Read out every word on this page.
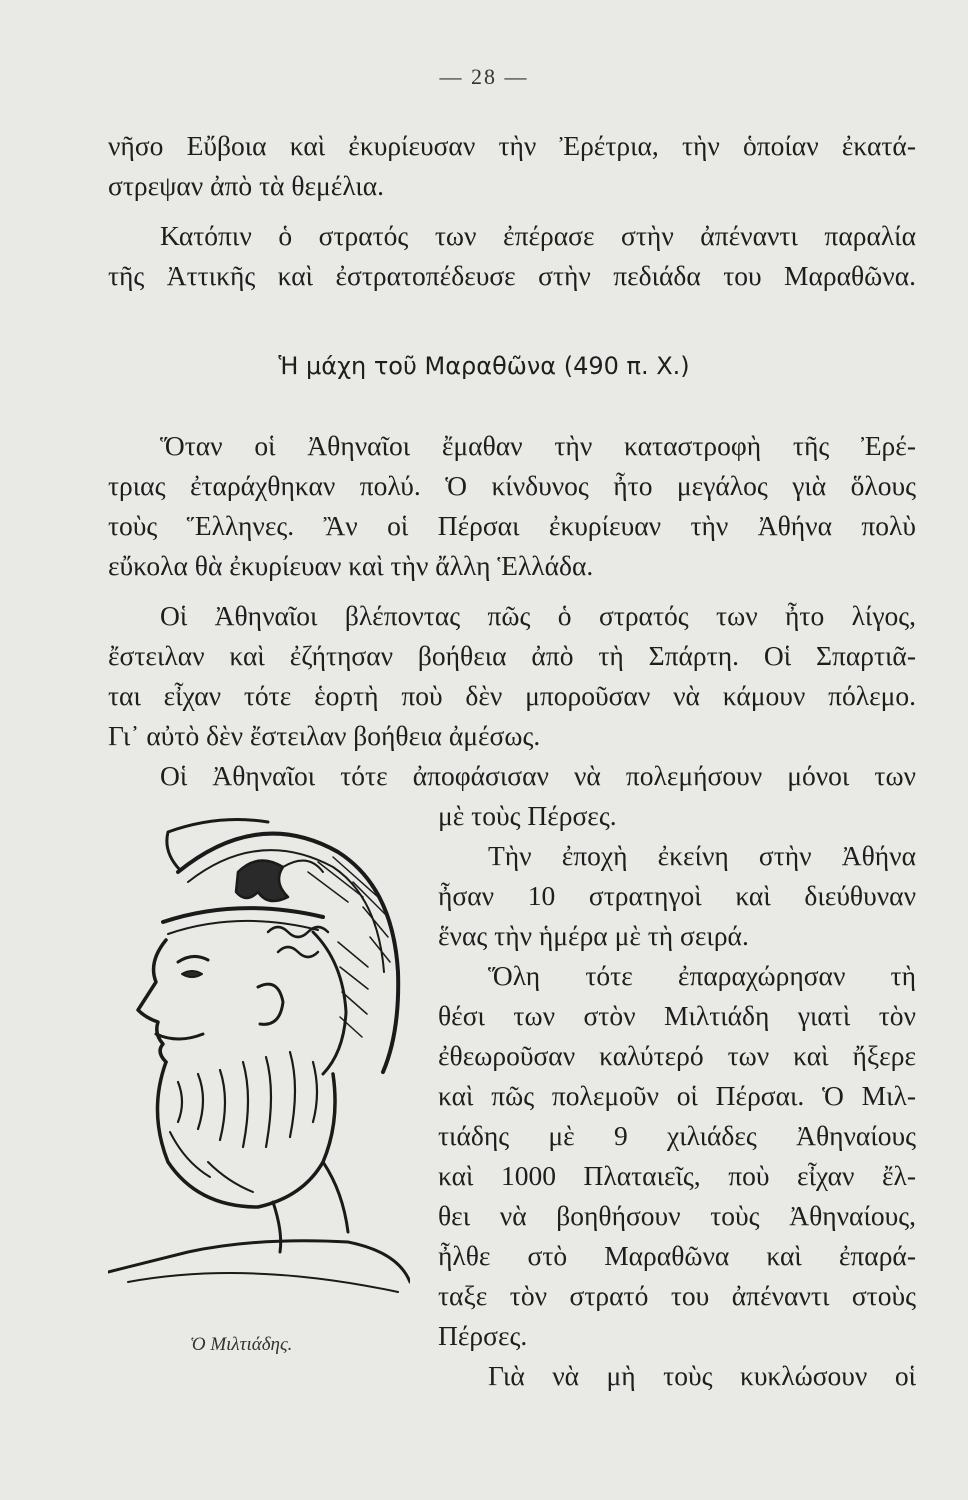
— 28 —
νῆσο Εὔβοια καὶ ἐκυρίευσαν τὴν Ἐρέτρια, τὴν ὁποίαν ἐκατά-
στρεψαν ἀπὸ τὰ θεμέλια.
Κατόπιν ὁ στρατός των ἐπέρασε στὴν ἀπέναντι παραλία
τῆς Ἀττικῆς καὶ ἐστρατοπέδευσε στὴν πεδιάδα του Μαραθῶνα.
Ἡ μάχη τοῦ Μαραθῶνα (490 π. Χ.)
Ὅταν οἱ Ἀθηναῖοι ἔμαθαν τὴν καταστροφὴ τῆς Ἐρέ-
τριας ἐταράχθηκαν πολύ. Ὁ κίνδυνος ἦτο μεγάλος γιὰ ὅλους
τοὺς Ἕλληνες. Ἂν οἱ Πέρσαι ἐκυρίευαν τὴν Ἀθήνα πολὺ
εὔκολα θὰ ἐκυρίευαν καὶ τὴν ἄλλη Ἑλλάδα.
Οἱ Ἀθηναῖοι βλέποντας πῶς ὁ στρατός των ἦτο λίγος,
ἔστειλαν καὶ ἐζήτησαν βοήθεια ἀπὸ τὴ Σπάρτη. Οἱ Σπαρτιᾶ-
ται εἶχαν τότε ἑορτὴ ποὺ δὲν μποροῦσαν νὰ κάμουν πόλεμο.
Γι᾽ αὐτὸ δὲν ἔστειλαν βοήθεια ἀμέσως.
Οἱ Ἀθηναῖοι τότε ἀποφάσισαν νὰ πολεμήσουν μόνοι των
μὲ τοὺς Πέρσες.
Τὴν ἐποχὴ ἐκείνη στὴν Ἀθήνα
ἦσαν 10 στρατηγοὶ καὶ διεύθυναν
ἕνας τὴν ἡμέρα μὲ τὴ σειρά.
Ὅλη τότε ἐπαραχώρησαν τὴ
θέσι των στὸν Μιλτιάδη γιατὶ τὸν
ἐθεωροῦσαν καλύτερό των καὶ ἤξερε
καὶ πῶς πολεμοῦν οἱ Πέρσαι. Ὁ Μιλ-
τιάδης μὲ 9 χιλιάδες Ἀθηναίους
καὶ 1000 Πλαταιεῖς, ποὺ εἶχαν ἔλ-
θει νὰ βοηθήσουν τοὺς Ἀθηναίους,
ἦλθε στὸ Μαραθῶνα καὶ ἐπαρά-
ταξε τὸν στρατό του ἀπέναντι στοὺς
Πέρσες.
Γιὰ νὰ μὴ τοὺς κυκλώσουν οἱ
Ὁ Μιλτιάδης.
